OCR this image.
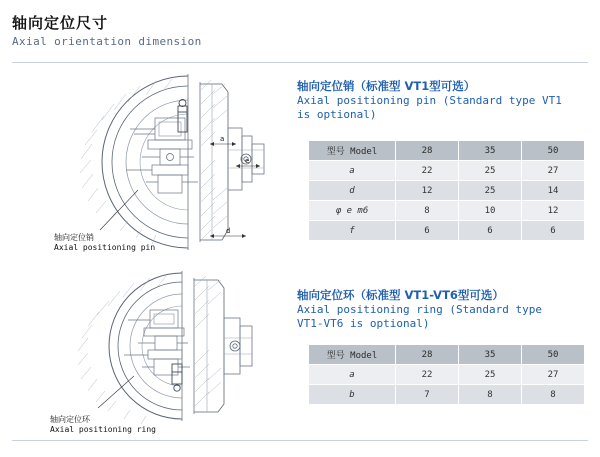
轴向定位尺寸
Axial orientation dimension
轴向定位销（标准型 VT1型可选）
Axial positioning pin (Standard type VT1
is optional)
型号 Model	28	35	50
a	22	25	27
d	12	25	14
φ e m6	8	10	12
f	6	6	6
a
e
d
轴向定位销
Axial positioning pin
轴向定位环（标准型 VT1-VT6型可选）
Axial positioning ring (Standard type
VT1-VT6 is optional)
型号 Model	28	35	50
a	22	25	27
b	7	8	8
轴向定位环
Axial positioning ring
